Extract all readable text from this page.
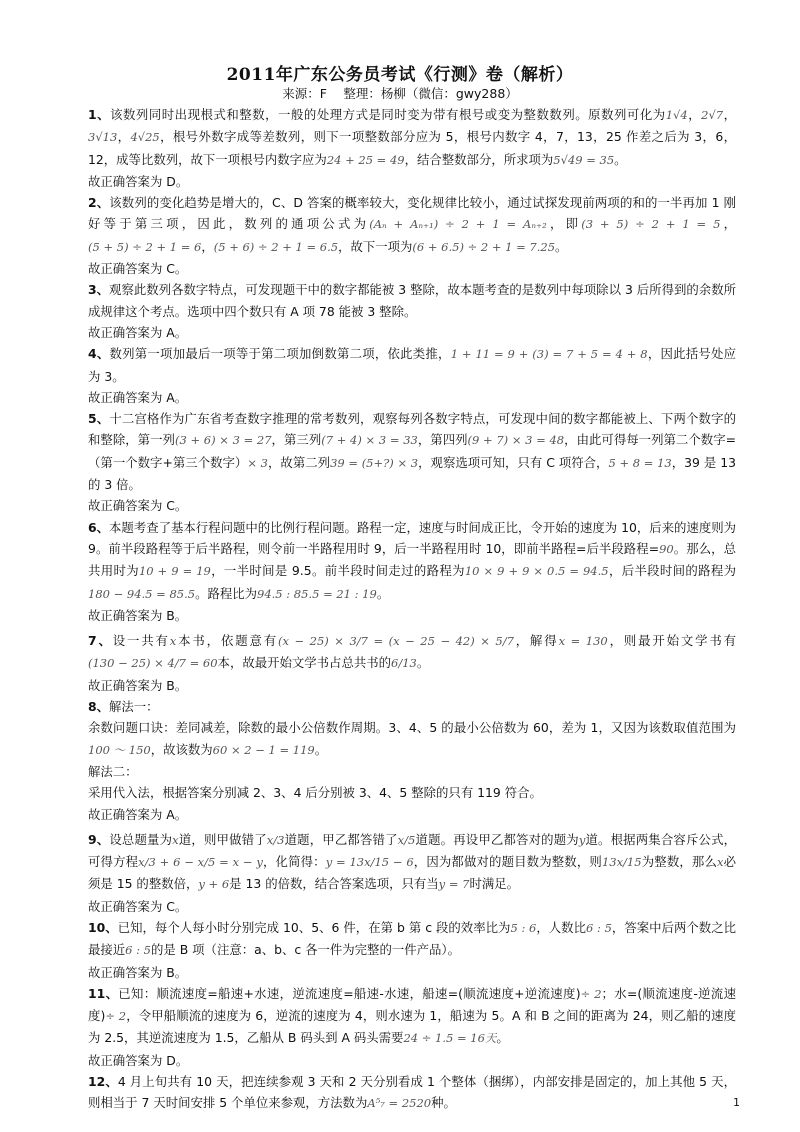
2011年广东公务员考试《行测》卷（解析）
来源：F　 整理：杨柳（微信：gwy288）

1、该数列同时出现根式和整数，一般的处理方式是同时变为带有根号或变为整数数列。原数列可化为1√4，2√7，3√13，4√25，根号外数字成等差数列，则下一项整数部分应为 5，根号内数字 4，7，13，25 作差之后为 3，6，12，成等比数列，故下一项根号内数字应为24 + 25 = 49，结合整数部分，所求项为5√49 = 35。

故正确答案为 D。

2、该数列的变化趋势是增大的，C、D 答案的概率较大，变化规律比较小，通过试探发现前两项的和的一半再加 1 刚好等于第三项，因此，数列的通项公式为(Aₙ + Aₙ₊₁) ÷ 2 + 1 = Aₙ₊₂，即(3 + 5) ÷ 2 + 1 = 5，(5 + 5) ÷ 2 + 1 = 6，(5 + 6) ÷ 2 + 1 = 6.5，故下一项为(6 + 6.5) ÷ 2 + 1 = 7.25。

故正确答案为 C。

3、观察此数列各数字特点，可发现题干中的数字都能被 3 整除，故本题考查的是数列中每项除以 3 后所得到的余数所成规律这个考点。选项中四个数只有 A 项 78 能被 3 整除。

故正确答案为 A。

4、数列第一项加最后一项等于第二项加倒数第二项，依此类推，1 + 11 = 9 + (3) = 7 + 5 = 4 + 8，因此括号处应为 3。

故正确答案为 A。

5、十二宫格作为广东省考查数字推理的常考数列，观察每列各数字特点，可发现中间的数字都能被上、下两个数字的和整除，第一列(3 + 6) × 3 = 27，第三列(7 + 4) × 3 = 33，第四列(9 + 7) × 3 = 48，由此可得每一列第二个数字=（第一个数字+第三个数字）× 3，故第二列39 = (5+?) × 3，观察选项可知，只有 C 项符合，5 + 8 = 13，39 是 13 的 3 倍。

故正确答案为 C。

6、本题考查了基本行程问题中的比例行程问题。路程一定，速度与时间成正比，令开始的速度为 10，后来的速度则为 9。前半段路程等于后半路程，则令前一半路程用时 9，后一半路程用时 10，即前半路程=后半段路程=90。那么，总共用时为10 + 9 = 19，一半时间是 9.5。前半段时间走过的路程为10 × 9 + 9 × 0.5 = 94.5，后半段时间的路程为180 − 94.5 = 85.5。路程比为94.5 : 85.5 = 21 : 19。

故正确答案为 B。

7、设一共有x本书，依题意有(x − 25) × 3/7 = (x − 25 − 42) × 5/7，解得x = 130，则最开始文学书有(130 − 25) × 4/7 = 60本，故最开始文学书占总共书的6/13。

故正确答案为 B。

8、解法一：

余数问题口诀：差同减差，除数的最小公倍数作周期。3、4、5 的最小公倍数为 60，差为 1，又因为该数取值范围为100 ～ 150，故该数为60 × 2 − 1 = 119。

解法二：

采用代入法，根据答案分别减 2、3、4 后分别被 3、4、5 整除的只有 119 符合。

故正确答案为 A。

9、设总题量为x道，则甲做错了x/3道题，甲乙都答错了x/5道题。再设甲乙都答对的题为y道。根据两集合容斥公式，可得方程x/3 + 6 − x/5 = x − y，化简得：y = 13x/15 − 6，因为都做对的题目数为整数，则13x/15为整数，那么x必须是 15 的整数倍，y + 6是 13 的倍数，结合答案选项，只有当y = 7时满足。

故正确答案为 C。

10、已知，每个人每小时分别完成 10、5、6 件，在第 b 第 c 段的效率比为5 : 6，人数比6 : 5，答案中后两个数之比最接近6 : 5的是 B 项（注意：a、b、c 各一件为完整的一件产品）。

故正确答案为 B。

11、已知：顺流速度=船速+水速，逆流速度=船速-水速，船速=(顺流速度+逆流速度)÷ 2；水=(顺流速度-逆流速度)÷ 2，令甲船顺流的速度为 6，逆流的速度为 4，则水速为 1，船速为 5。A 和 B 之间的距离为 24，则乙船的速度为 2.5，其逆流速度为 1.5，乙船从 B 码头到 A 码头需要24 ÷ 1.5 = 16天。

故正确答案为 D。

12、4 月上旬共有 10 天，把连续参观 3 天和 2 天分别看成 1 个整体（捆绑），内部安排是固定的，加上其他 5 天，则相当于 7 天时间安排 5 个单位来参观，方法数为A⁵₇ = 2520种。	1
